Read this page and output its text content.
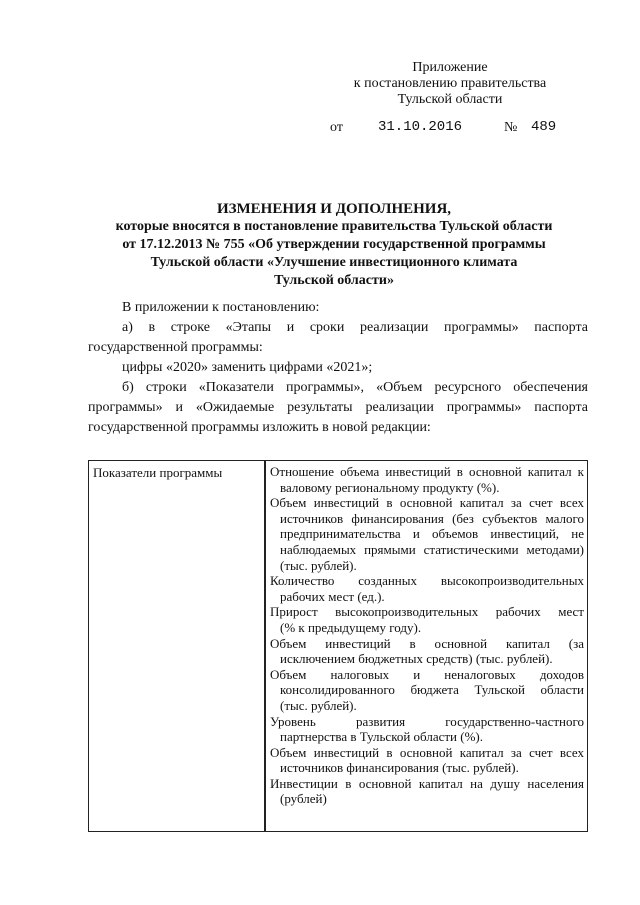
Приложение
к постановлению правительства
Тульской области
от	31.10.2016	№ 489
ИЗМЕНЕНИЯ И ДОПОЛНЕНИЯ,
которые вносятся в постановление правительства Тульской области
от 17.12.2013 № 755 «Об утверждении государственной программы
Тульской области «Улучшение инвестиционного климата
Тульской области»
В приложении к постановлению:
а) в строке «Этапы и сроки реализации программы» паспорта
государственной программы:
цифры «2020» заменить цифрами «2021»;
б) строки «Показатели программы», «Объем ресурсного обеспечения
программы» и «Ожидаемые результаты реализации программы» паспорта
государственной программы изложить в новой редакции:
Показатели программы	Отношение объема инвестиций в основной капитал к
валовому региональному продукту (%).
Объем инвестиций в основной капитал за счет всех
источников финансирования (без субъектов малого
предпринимательства и объемов инвестиций, не
наблюдаемых прямыми статистическими методами)
(тыс. рублей).
Количество созданных высокопроизводительных
рабочих мест (ед.).
Прирост высокопроизводительных рабочих мест
(% к предыдущему году).
Объем инвестиций в основной капитал (за
исключением бюджетных средств) (тыс. рублей).
Объем налоговых и неналоговых доходов
консолидированного бюджета Тульской области
(тыс. рублей).
Уровень развития государственно-частного
партнерства в Тульской области (%).
Объем инвестиций в основной капитал за счет всех
источников финансирования (тыс. рублей).
Инвестиции в основной капитал на душу населения
(рублей)
